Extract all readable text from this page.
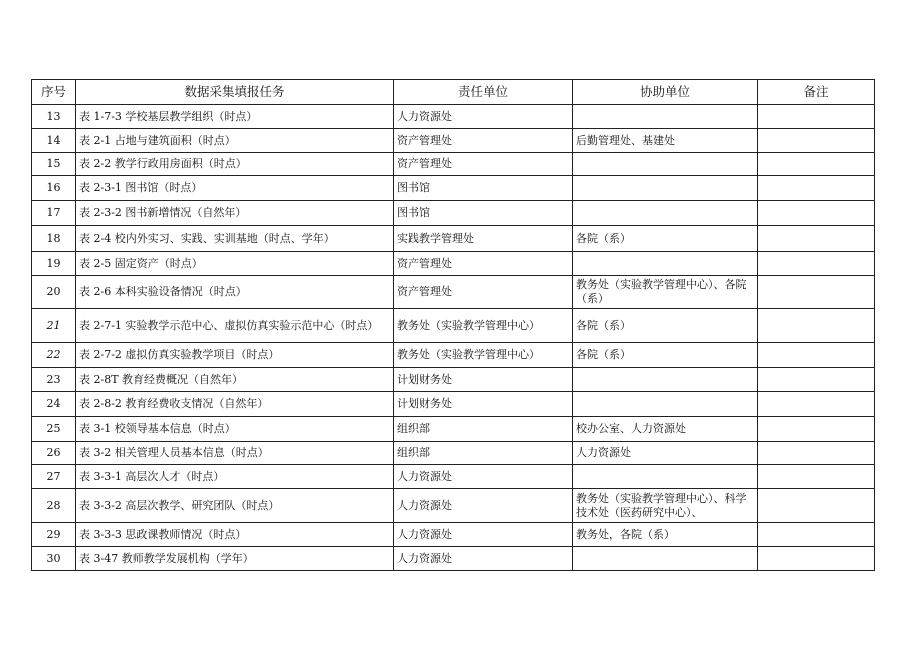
序号	数据采集填报任务	责任单位	协助单位	备注
13	表 1-7-3 学校基层教学组织（时点）	人力资源处		
14	表 2-1 占地与建筑面积（时点）	资产管理处	后勤管理处、基建处	
15	表 2-2 教学行政用房面积（时点）	资产管理处		
16	表 2-3-1 图书馆（时点）	图书馆		
17	表 2-3-2 图书新增情况（自然年）	图书馆		
18	表 2-4 校内外实习、实践、实训基地（时点、学年）	实践教学管理处	各院（系）	
19	表 2-5 固定资产（时点）	资产管理处		
20	表 2-6 本科实验设备情况（时点）	资产管理处	教务处（实验教学管理中心）、各院（系）	
21	表 2-7-1 实验教学示范中心、虚拟仿真实验示范中心（时点）	教务处（实验教学管理中心）	各院（系）	
22	表 2-7-2 虚拟仿真实验教学项目（时点）	教务处（实验教学管理中心）	各院（系）	
23	表 2-8T 教育经费概况（自然年）	计划财务处		
24	表 2-8-2 教育经费收支情况（自然年）	计划财务处		
25	表 3-1 校领导基本信息（时点）	组织部	校办公室、人力资源处	
26	表 3-2 相关管理人员基本信息（时点）	组织部	人力资源处	
27	表 3-3-1 高层次人才（时点）	人力资源处		
28	表 3-3-2 高层次教学、研究团队（时点）	人力资源处	教务处（实验教学管理中心）、科学技术处（医药研究中心）、	
29	表 3-3-3 思政课教师情况（时点）	人力资源处	教务处，各院（系）	
30	表 3-47 教师教学发展机构（学年）	人力资源处		
